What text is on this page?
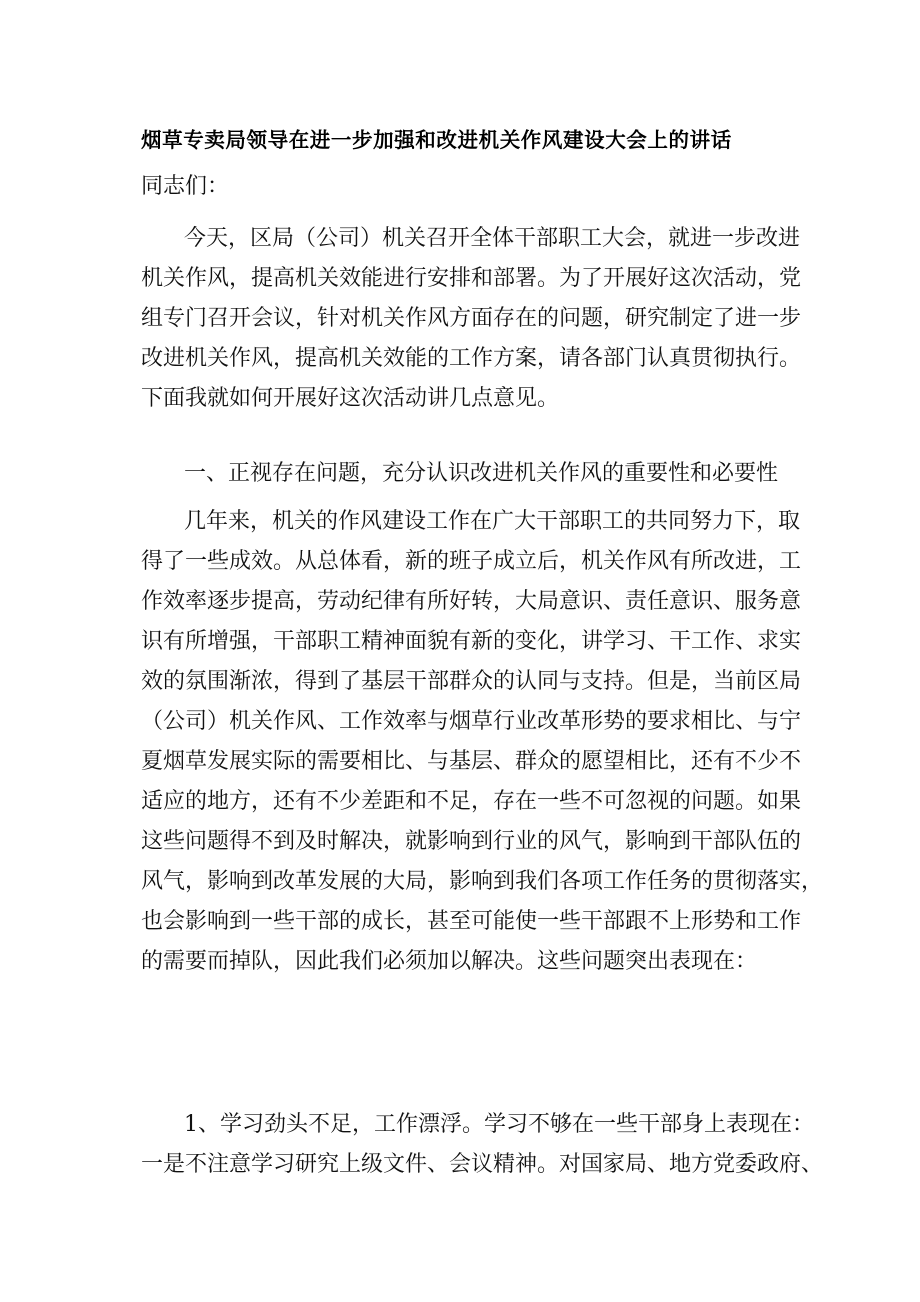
烟草专卖局领导在进一步加强和改进机关作风建设大会上的讲话

同志们：

今天，区局（公司）机关召开全体干部职工大会，就进一步改进
机关作风，提高机关效能进行安排和部署。为了开展好这次活动，党
组专门召开会议，针对机关作风方面存在的问题，研究制定了进一步
改进机关作风，提高机关效能的工作方案，请各部门认真贯彻执行。
下面我就如何开展好这次活动讲几点意见。

一、正视存在问题，充分认识改进机关作风的重要性和必要性

几年来，机关的作风建设工作在广大干部职工的共同努力下，取
得了一些成效。从总体看，新的班子成立后，机关作风有所改进，工
作效率逐步提高，劳动纪律有所好转，大局意识、责任意识、服务意
识有所增强，干部职工精神面貌有新的变化，讲学习、干工作、求实
效的氛围渐浓，得到了基层干部群众的认同与支持。但是，当前区局
（公司）机关作风、工作效率与烟草行业改革形势的要求相比、与宁
夏烟草发展实际的需要相比、与基层、群众的愿望相比，还有不少不
适应的地方，还有不少差距和不足，存在一些不可忽视的问题。如果
这些问题得不到及时解决，就影响到行业的风气，影响到干部队伍的
风气，影响到改革发展的大局，影响到我们各项工作任务的贯彻落实，
也会影响到一些干部的成长，甚至可能使一些干部跟不上形势和工作
的需要而掉队，因此我们必须加以解决。这些问题突出表现在：

1、学习劲头不足，工作漂浮。学习不够在一些干部身上表现在：
一是不注意学习研究上级文件、会议精神。对国家局、地方党委政府、
